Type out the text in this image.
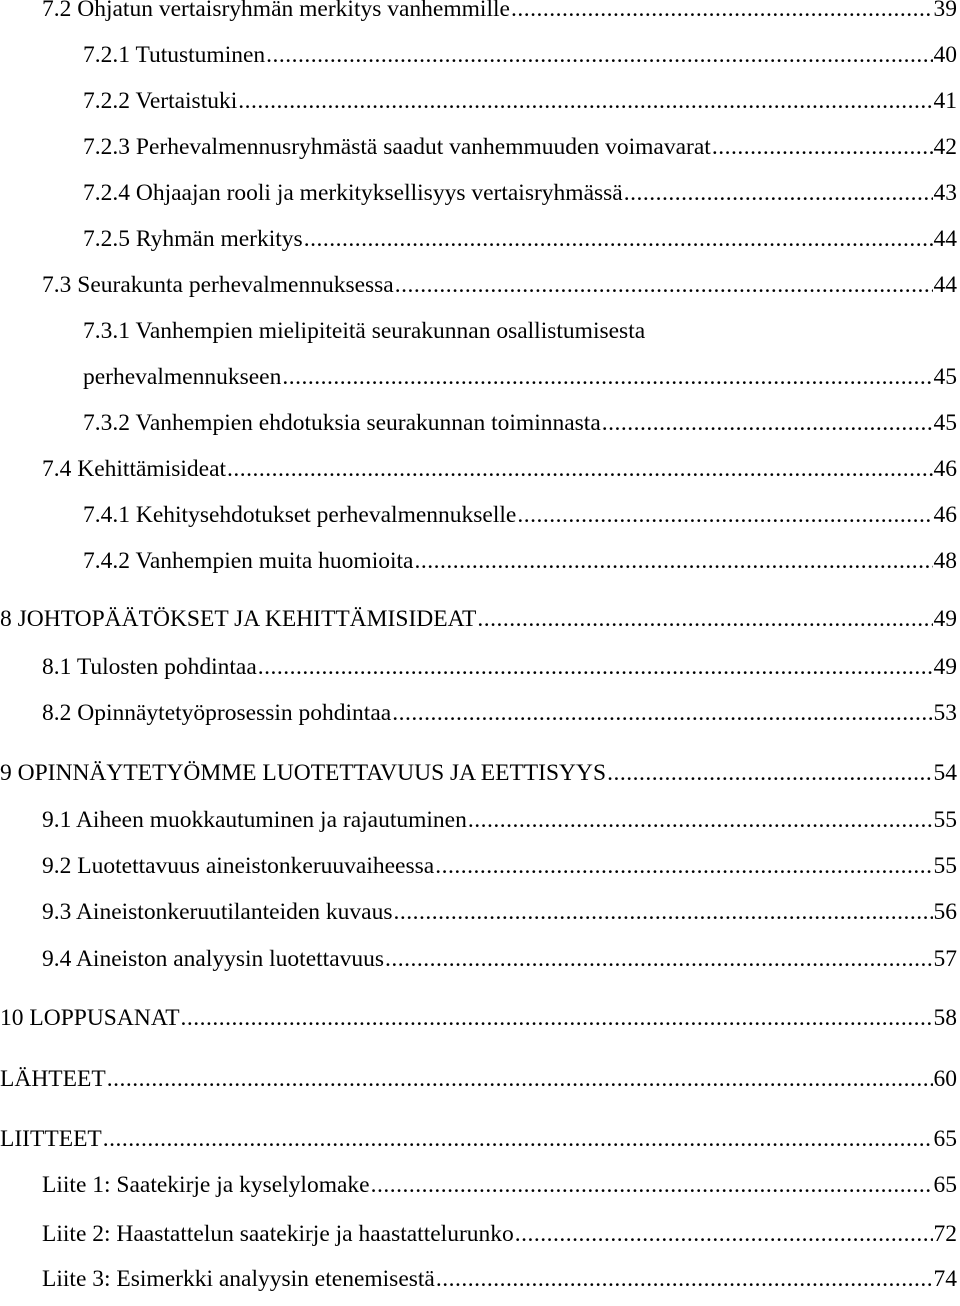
7.2 Ohjatun vertaisryhmän merkitys vanhemmille .....	39
7.2.1 Tutustuminen .....	40
7.2.2 Vertaistuki .....	41
7.2.3 Perhevalmennusryhmästä saadut vanhemmuuden voimavarat .....	42
7.2.4 Ohjaajan rooli ja merkityksellisyys vertaisryhmässä .....	43
7.2.5 Ryhmän merkitys .....	44
7.3 Seurakunta perhevalmennuksessa .....	44
7.3.1 Vanhempien mielipiteitä seurakunnan osallistumisesta
perhevalmennukseen .....	45
7.3.2 Vanhempien ehdotuksia seurakunnan toiminnasta .....	45
7.4 Kehittämisideat .....	46
7.4.1 Kehitysehdotukset perhevalmennukselle .....	46
7.4.2 Vanhempien muita huomioita .....	48
8 JOHTOPÄÄTÖKSET JA KEHITTÄMISIDEAT .....	49
8.1 Tulosten pohdintaa .....	49
8.2 Opinnäytetyöprosessin pohdintaa .....	53
9 OPINNÄYTETYÖMME LUOTETTAVUUS JA EETTISYYS .....	54
9.1 Aiheen muokkautuminen ja rajautuminen .....	55
9.2 Luotettavuus aineistonkeruuvaiheessa .....	55
9.3 Aineistonkeruutilanteiden kuvaus .....	56
9.4 Aineiston analyysin luotettavuus .....	57
10 LOPPUSANAT .....	58
LÄHTEET .....	60
LIITTEET .....	65
Liite 1: Saatekirje ja kyselylomake .....	65
Liite 2: Haastattelun saatekirje ja haastattelurunko .....	72
Liite 3: Esimerkki analyysin etenemisestä .....	74
